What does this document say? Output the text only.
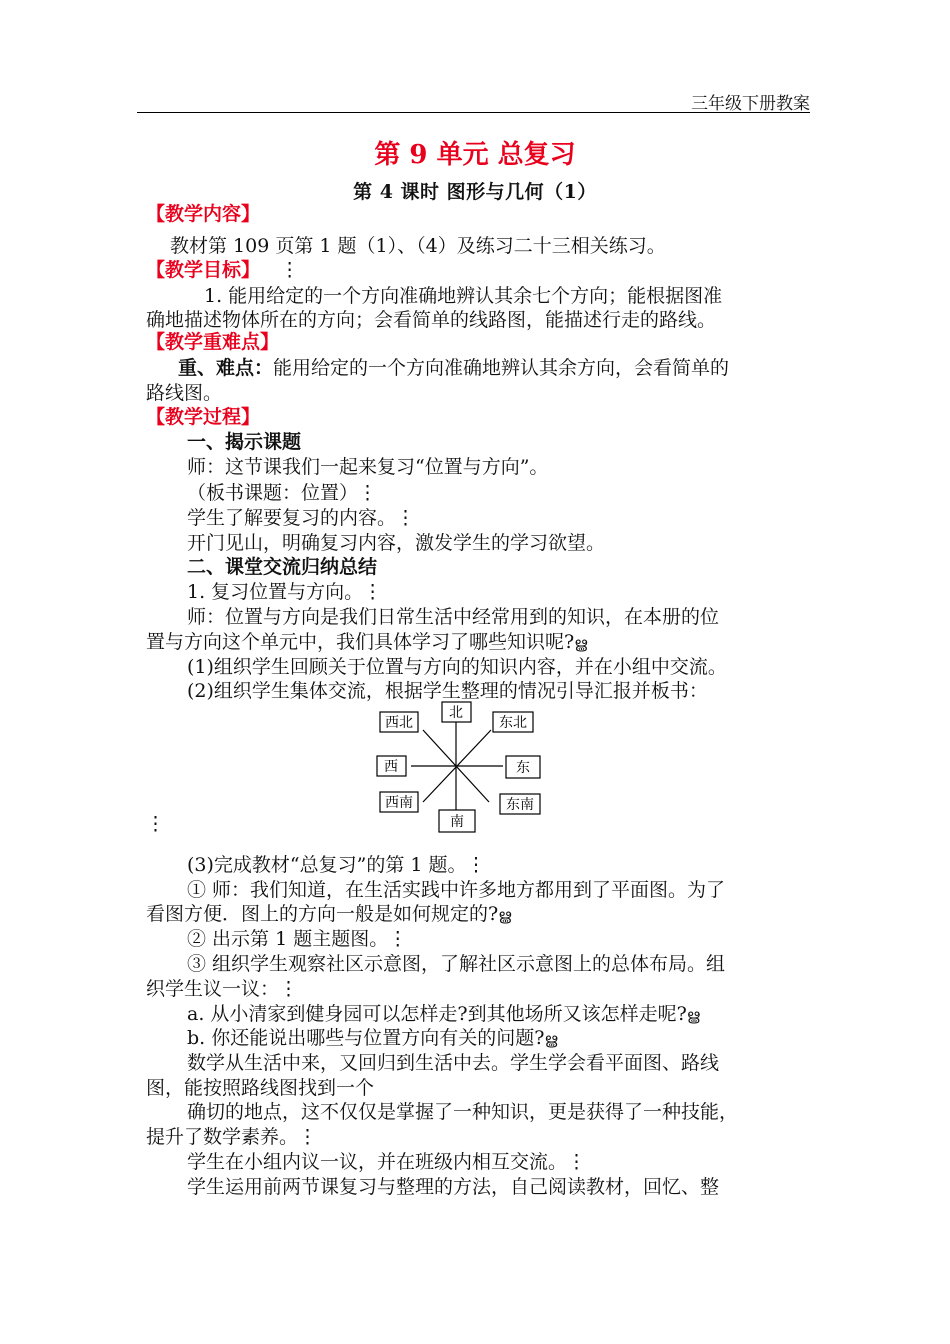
三年级下册教案
第 9 单元 总复习
第 4 课时 图形与几何（1）
【教学内容】
教材第 109 页第 1 题（1）、（4）及练习二十三相关练习。
【教学目标】 ⋮
1. 能用给定的一个方向准确地辨认其余七个方向；能根据图准
确地描述物体所在的方向；会看简单的线路图，能描述行走的路线。
【教学重难点】
重、难点：能用给定的一个方向准确地辨认其余方向，会看简单的
路线图。
【教学过程】
一、揭示课题
师：这节课我们一起来复习“位置与方向”。
（板书课题：位置）⋮
学生了解要复习的内容。⋮
开门见山，明确复习内容，激发学生的学习欲望。
二、课堂交流归纳总结
1. 复习位置与方向。⋮
师：位置与方向是我们日常生活中经常用到的知识，在本册的位
置与方向这个单元中，我们具体学习了哪些知识呢?ൠ
(1)组织学生回顾关于位置与方向的知识内容，并在小组中交流。
(2)组织学生集体交流，根据学生整理的情况引导汇报并板书：
北
西北	东北
西	东
西南	东南
南
⋮
(3)完成教材“总复习”的第 1 题。⋮
① 师：我们知道，在生活实践中许多地方都用到了平面图。为了
看图方便．图上的方向一般是如何规定的?ൠ
② 出示第 1 题主题图。⋮
③ 组织学生观察社区示意图，了解社区示意图上的总体布局。组
织学生议一议：⋮
a. 从小清家到健身园可以怎样走?到其他场所又该怎样走呢?ൠ
b. 你还能说出哪些与位置方向有关的问题?ൠ
数学从生活中来，又回归到生活中去。学生学会看平面图、路线
图，能按照路线图找到一个
确切的地点，这不仅仅是掌握了一种知识，更是获得了一种技能，
提升了数学素养。⋮
学生在小组内议一议，并在班级内相互交流。⋮
学生运用前两节课复习与整理的方法，自己阅读教材，回忆、整
